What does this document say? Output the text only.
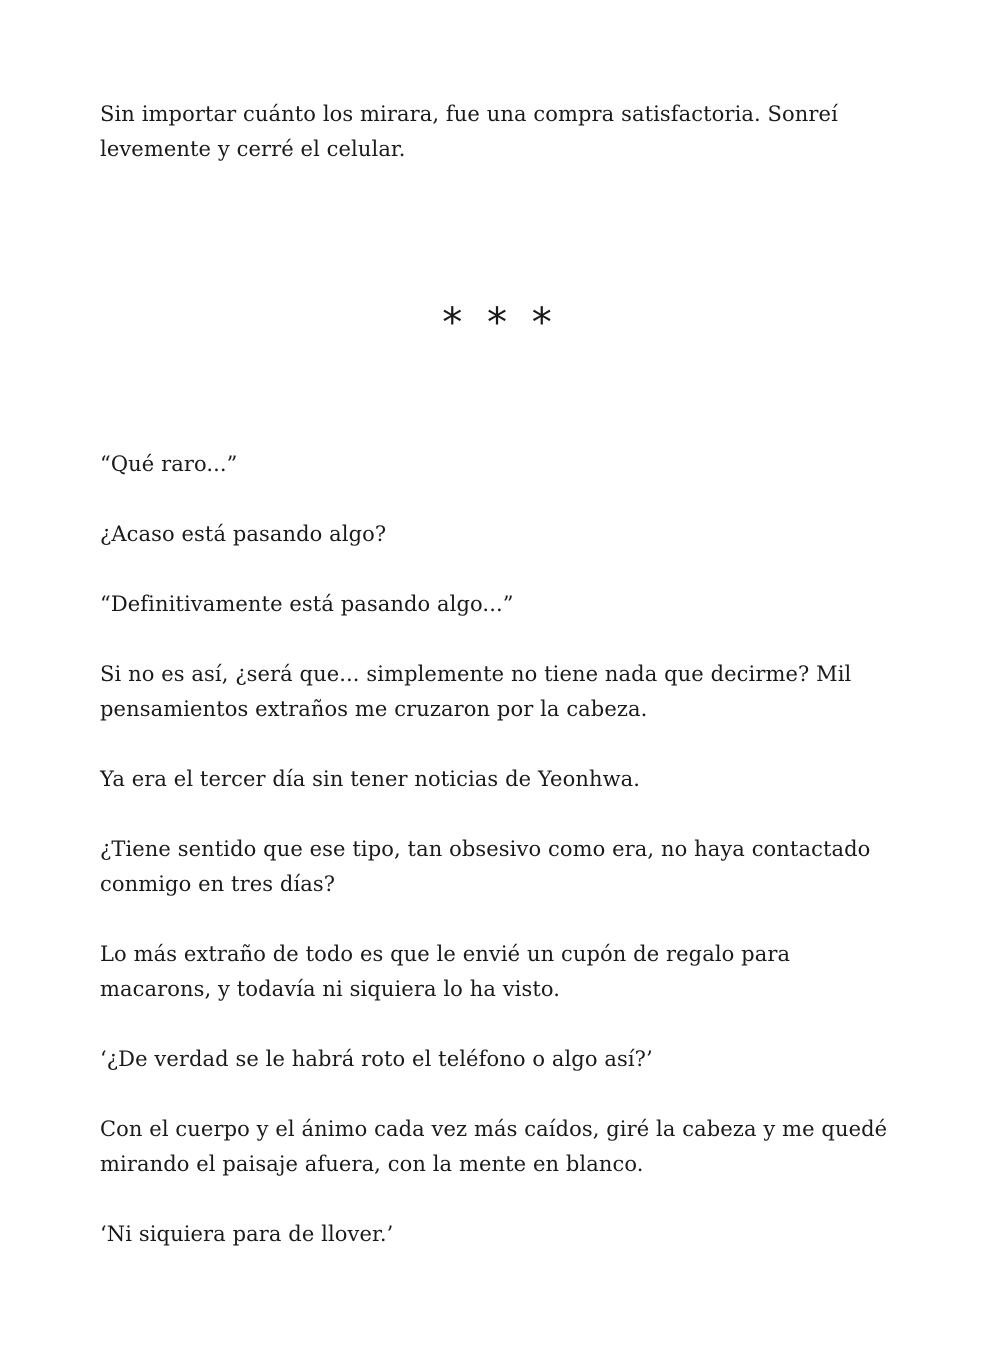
Sin importar cuánto los mirara, fue una compra satisfactoria. Sonreí levemente y cerré el celular.

* * *

“Qué raro...”

¿Acaso está pasando algo?

“Definitivamente está pasando algo...”

Si no es así, ¿será que... simplemente no tiene nada que decirme? Mil pensamientos extraños me cruzaron por la cabeza.

Ya era el tercer día sin tener noticias de Yeonhwa.

¿Tiene sentido que ese tipo, tan obsesivo como era, no haya contactado conmigo en tres días?

Lo más extraño de todo es que le envié un cupón de regalo para macarons, y todavía ni siquiera lo ha visto.

‘¿De verdad se le habrá roto el teléfono o algo así?’

Con el cuerpo y el ánimo cada vez más caídos, giré la cabeza y me quedé mirando el paisaje afuera, con la mente en blanco.

‘Ni siquiera para de llover.’
